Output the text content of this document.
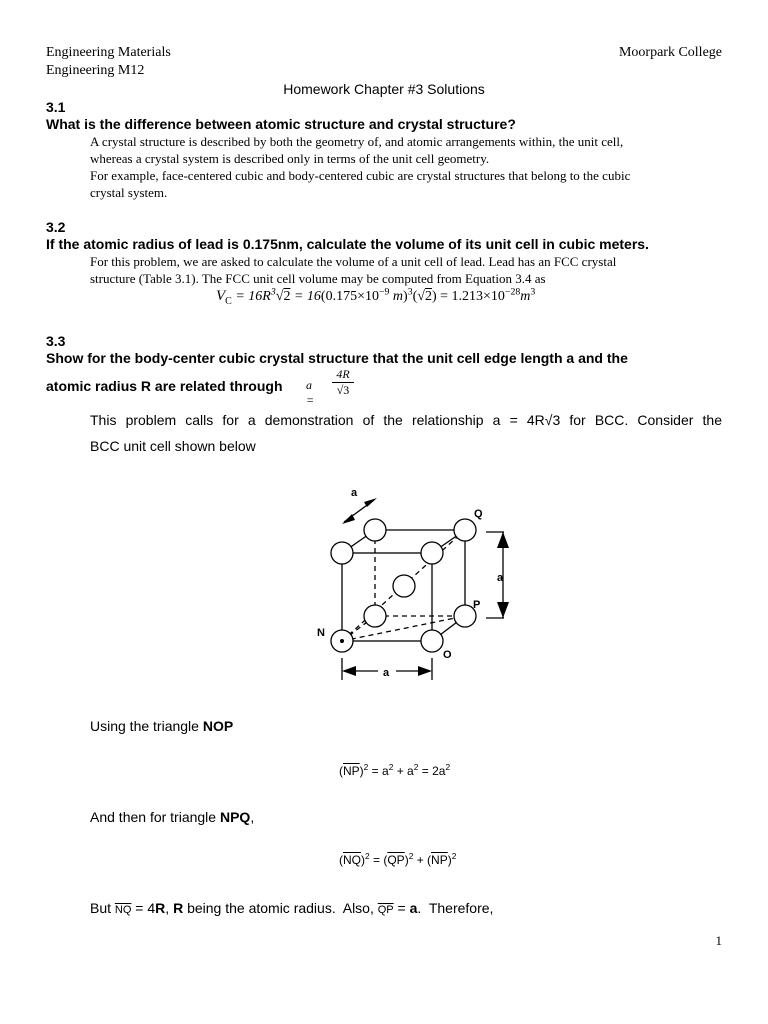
Engineering Materials
Engineering M12
Moorpark College
Homework Chapter #3 Solutions
3.1
What is the difference between atomic structure and crystal structure?
A crystal structure is described by both the geometry of, and atomic arrangements within, the unit cell,
whereas a crystal system is described only in terms of the unit cell geometry.
For example, face-centered cubic and body-centered cubic are crystal structures that belong to the cubic
crystal system.
3.2
If the atomic radius of lead is 0.175nm, calculate the volume of its unit cell in cubic meters.
For this problem, we are asked to calculate the volume of a unit cell of lead. Lead has an FCC crystal
structure (Table 3.1). The FCC unit cell volume may be computed from Equation 3.4 as
$V_C = 16R^3√2 = 16(0.175\times 10^{-9}$ $m)^3(√2) = 1.213\times 10^{-28}m^3$
3.3
Show for the body-center cubic crystal structure that the unit cell edge length a and the
atomic radius R are related through a =
4R
√3
This problem calls for a demonstration of the relationship a = 4R√3 for BCC. Consider the
BCC unit cell shown below
a
Q
a
P
N
O
a
Using the triangle NOP
$(\overline{NP})^2 = a^2 + a^2 = 2a^2$
And then for triangle NPQ,
$(\overline{NQ})^2 = (\overline{QP})^2 + (\overline{NP})^2$
But $\overline{NQ} = 4R$, R being the atomic radius.  Also, $\overline{QP} = a$.  Therefore,
1
